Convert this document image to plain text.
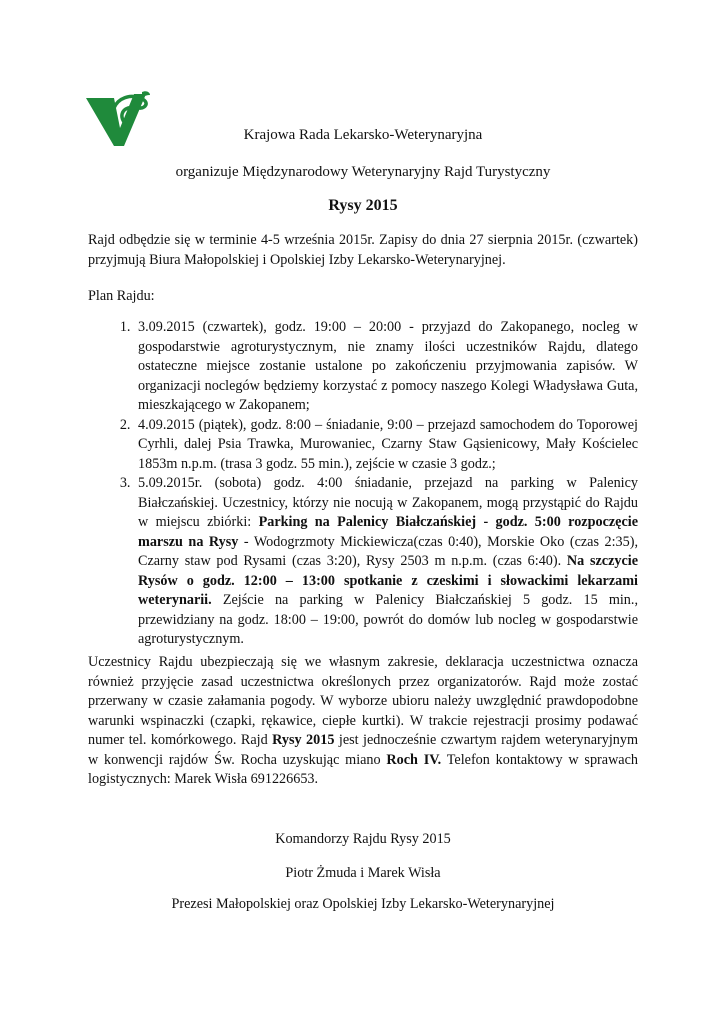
Krajowa Rada Lekarsko-Weterynaryjna
organizuje Międzynarodowy Weterynaryjny Rajd Turystyczny
Rysy 2015
Rajd odbędzie się w terminie 4-5 września 2015r. Zapisy do dnia 27 sierpnia 2015r. (czwartek) przyjmują Biura Małopolskiej i Opolskiej Izby Lekarsko-Weterynaryjnej.
Plan Rajdu:
1. 3.09.2015 (czwartek), godz. 19:00 – 20:00 - przyjazd do Zakopanego, nocleg w gospodarstwie agroturystycznym, nie znamy ilości uczestników Rajdu, dlatego ostateczne miejsce zostanie ustalone po zakończeniu przyjmowania zapisów. W organizacji noclegów będziemy korzystać z pomocy naszego Kolegi Władysława Guta, mieszkającego w Zakopanem;
2. 4.09.2015 (piątek), godz. 8:00 – śniadanie, 9:00 – przejazd samochodem do Toporowej Cyrhli, dalej Psia Trawka, Murowaniec, Czarny Staw Gąsienicowy, Mały Kościelec 1853m n.p.m. (trasa 3 godz. 55 min.), zejście w czasie 3 godz.;
3. 5.09.2015r. (sobota) godz. 4:00 śniadanie, przejazd na parking w Palenicy Białczańskiej. Uczestnicy, którzy nie nocują w Zakopanem, mogą przystąpić do Rajdu w miejscu zbiórki: Parking na Palenicy Białczańskiej - godz. 5:00 rozpoczęcie marszu na Rysy - Wodogrzmoty Mickiewicza(czas 0:40), Morskie Oko (czas 2:35), Czarny staw pod Rysami (czas 3:20), Rysy 2503 m n.p.m. (czas 6:40). Na szczycie Rysów o godz. 12:00 – 13:00 spotkanie z czeskimi i słowackimi lekarzami weterynarii. Zejście na parking w Palenicy Białczańskiej 5 godz. 15 min., przewidziany na godz. 18:00 – 19:00, powrót do domów lub nocleg w gospodarstwie agroturystycznym.
Uczestnicy Rajdu ubezpieczają się we własnym zakresie, deklaracja uczestnictwa oznacza również przyjęcie zasad uczestnictwa określonych przez organizatorów. Rajd może zostać przerwany w czasie załamania pogody. W wyborze ubioru należy uwzględnić prawdopodobne warunki wspinaczki (czapki, rękawice, ciepłe kurtki). W trakcie rejestracji prosimy podawać numer tel. komórkowego. Rajd Rysy 2015 jest jednocześnie czwartym rajdem weterynaryjnym w konwencji rajdów Św. Rocha uzyskując miano Roch IV. Telefon kontaktowy w sprawach logistycznych: Marek Wisła 691226653.
Komandorzy Rajdu Rysy 2015
Piotr Żmuda i Marek Wisła
Prezesi Małopolskiej oraz Opolskiej Izby Lekarsko-Weterynaryjnej
